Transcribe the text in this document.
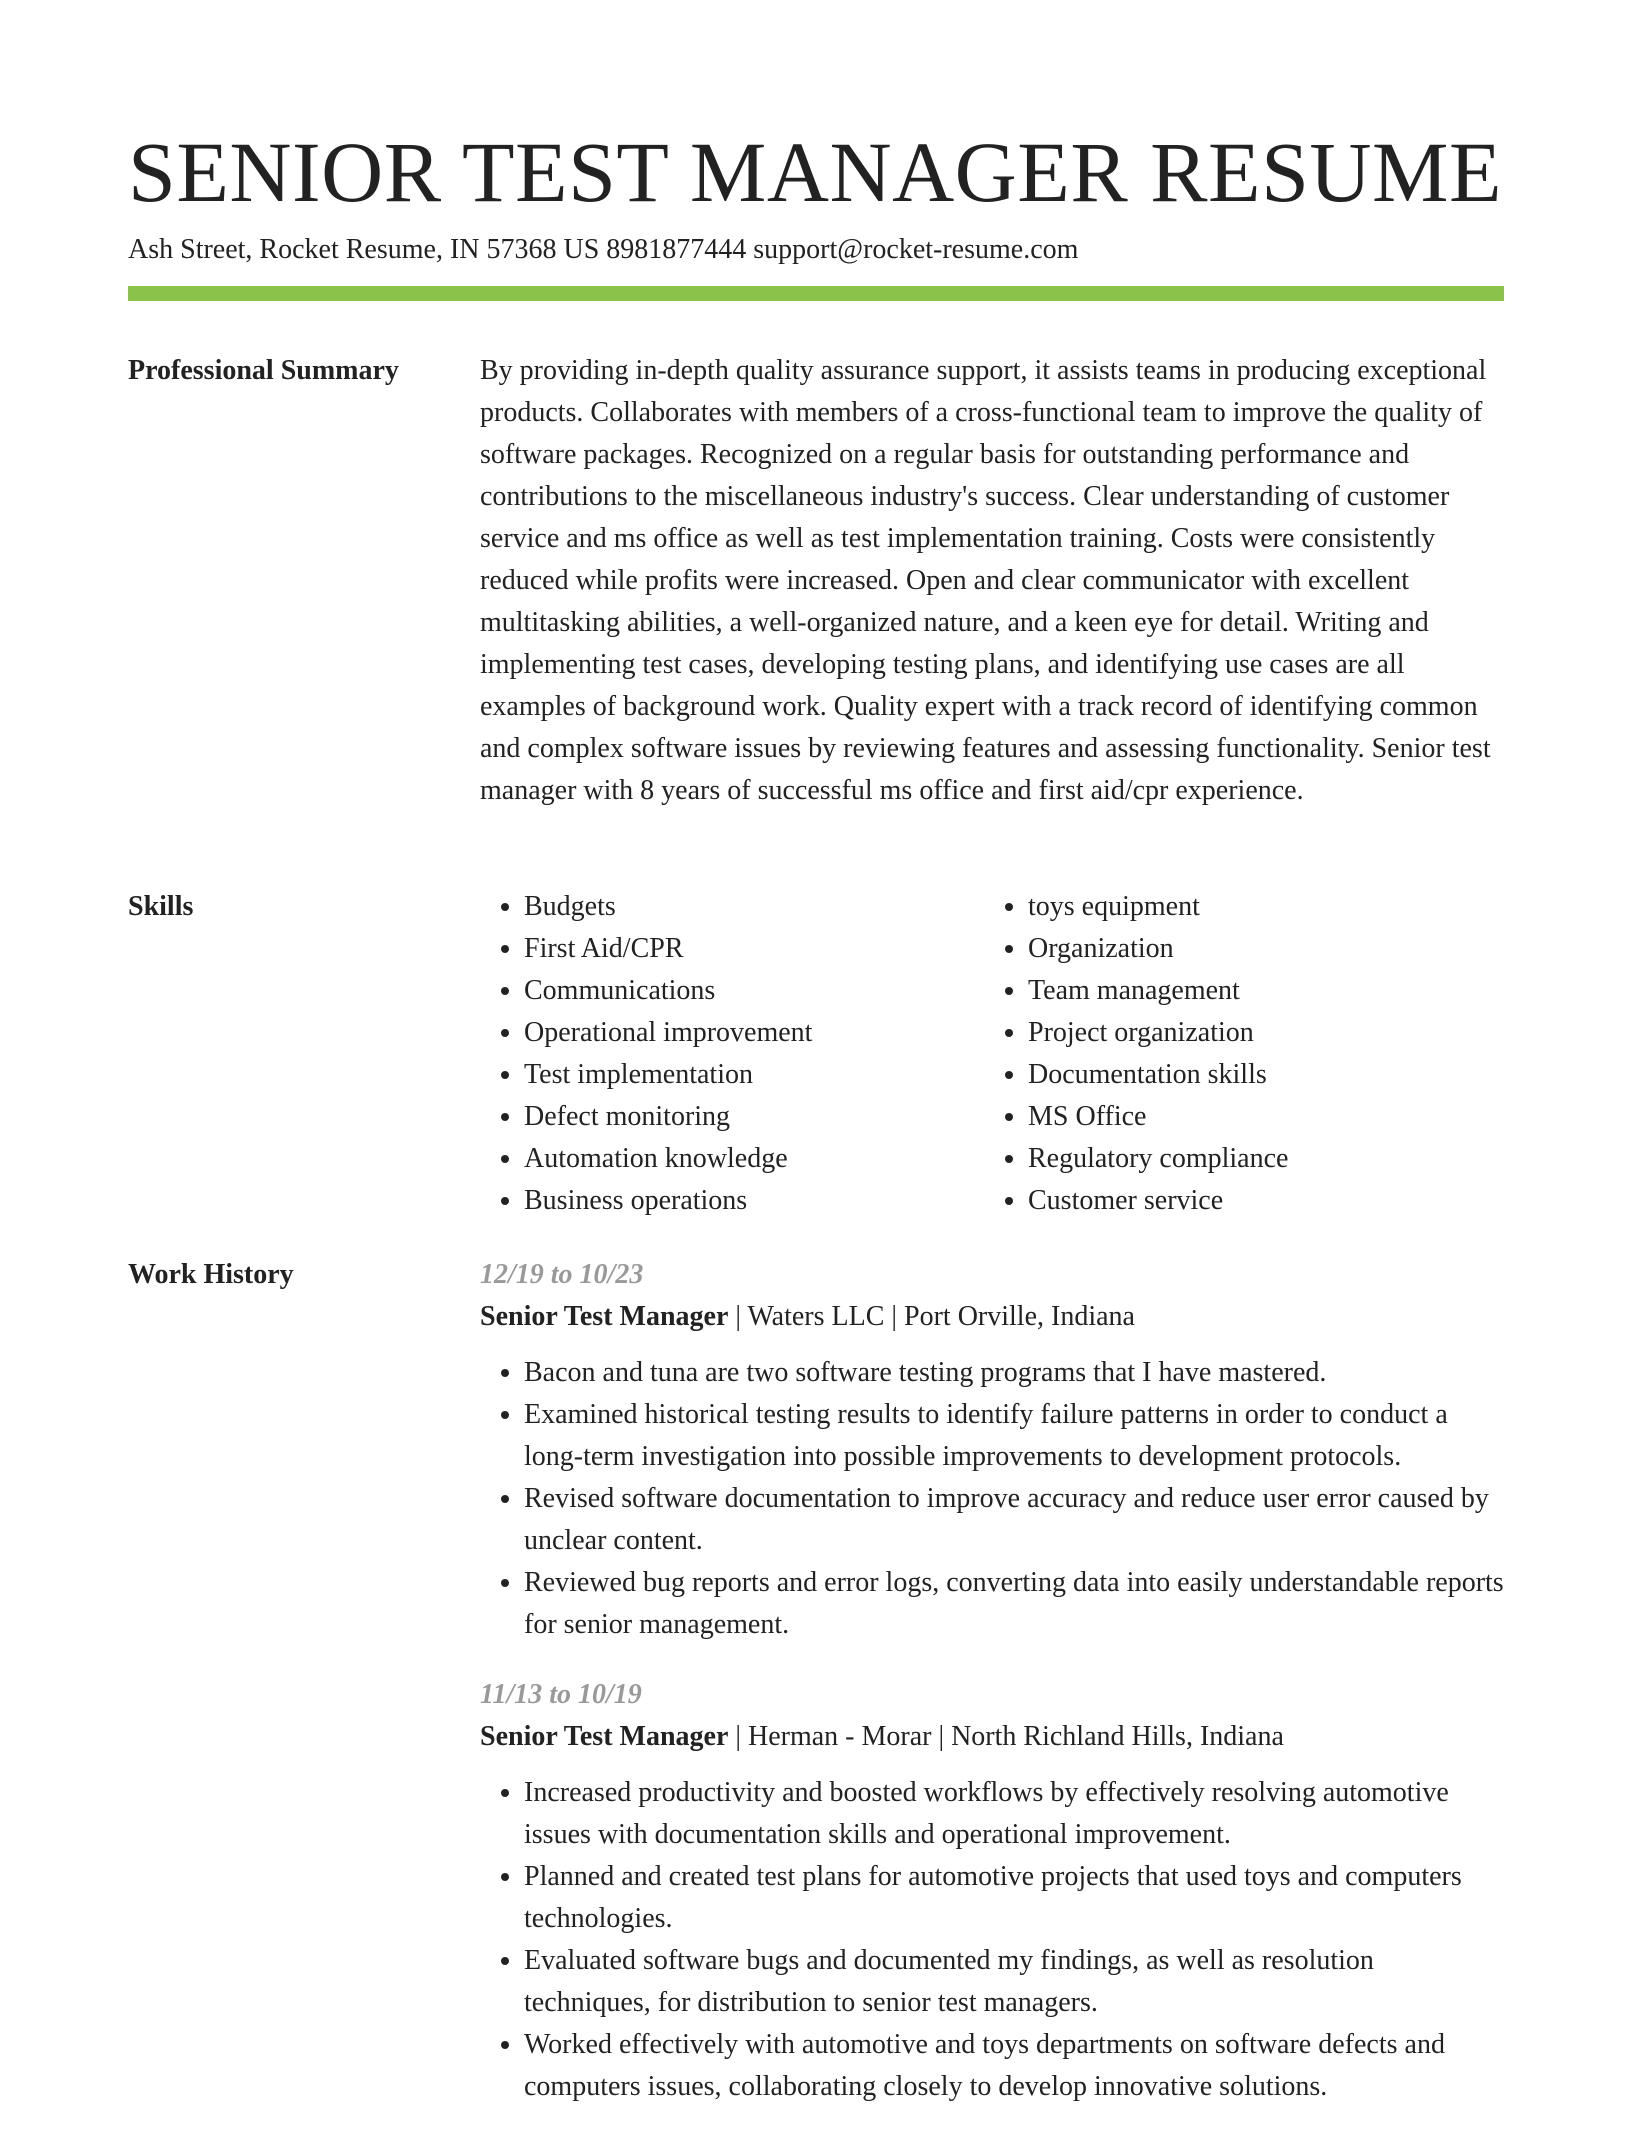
SENIOR TEST MANAGER RESUME
Ash Street, Rocket Resume, IN 57368 US 8981877444 support@rocket-resume.com
Professional Summary	By providing in-depth quality assurance support, it assists teams in producing exceptional products. Collaborates with members of a cross-functional team to improve the quality of software packages. Recognized on a regular basis for outstanding performance and contributions to the miscellaneous industry's success. Clear understanding of customer service and ms office as well as test implementation training. Costs were consistently reduced while profits were increased. Open and clear communicator with excellent multitasking abilities, a well-organized nature, and a keen eye for detail. Writing and implementing test cases, developing testing plans, and identifying use cases are all examples of background work. Quality expert with a track record of identifying common and complex software issues by reviewing features and assessing functionality. Senior test manager with 8 years of successful ms office and first aid/cpr experience.

Skills
•	Budgets
• First Aid/CPR
• Communications
• Operational improvement
• Test implementation
• Defect monitoring
• Automation knowledge
• Business operations
• toys equipment
• Organization
• Team management
• Project organization
• Documentation skills
• MS Office
• Regulatory compliance
• Customer service
Work History	12/19 to 10/23
Senior Test Manager | Waters LLC | Port Orville, Indiana
• Bacon and tuna are two software testing programs that I have mastered.
• Examined historical testing results to identify failure patterns in order to conduct a long-term investigation into possible improvements to development protocols.
• Revised software documentation to improve accuracy and reduce user error caused by unclear content.
• Reviewed bug reports and error logs, converting data into easily understandable reports for senior management.
11/13 to 10/19
Senior Test Manager | Herman - Morar | North Richland Hills, Indiana
• Increased productivity and boosted workflows by effectively resolving automotive issues with documentation skills and operational improvement.
• Planned and created test plans for automotive projects that used toys and computers technologies.
• Evaluated software bugs and documented my findings, as well as resolution techniques, for distribution to senior test managers.
• Worked effectively with automotive and toys departments on software defects and computers issues, collaborating closely to develop innovative solutions.
